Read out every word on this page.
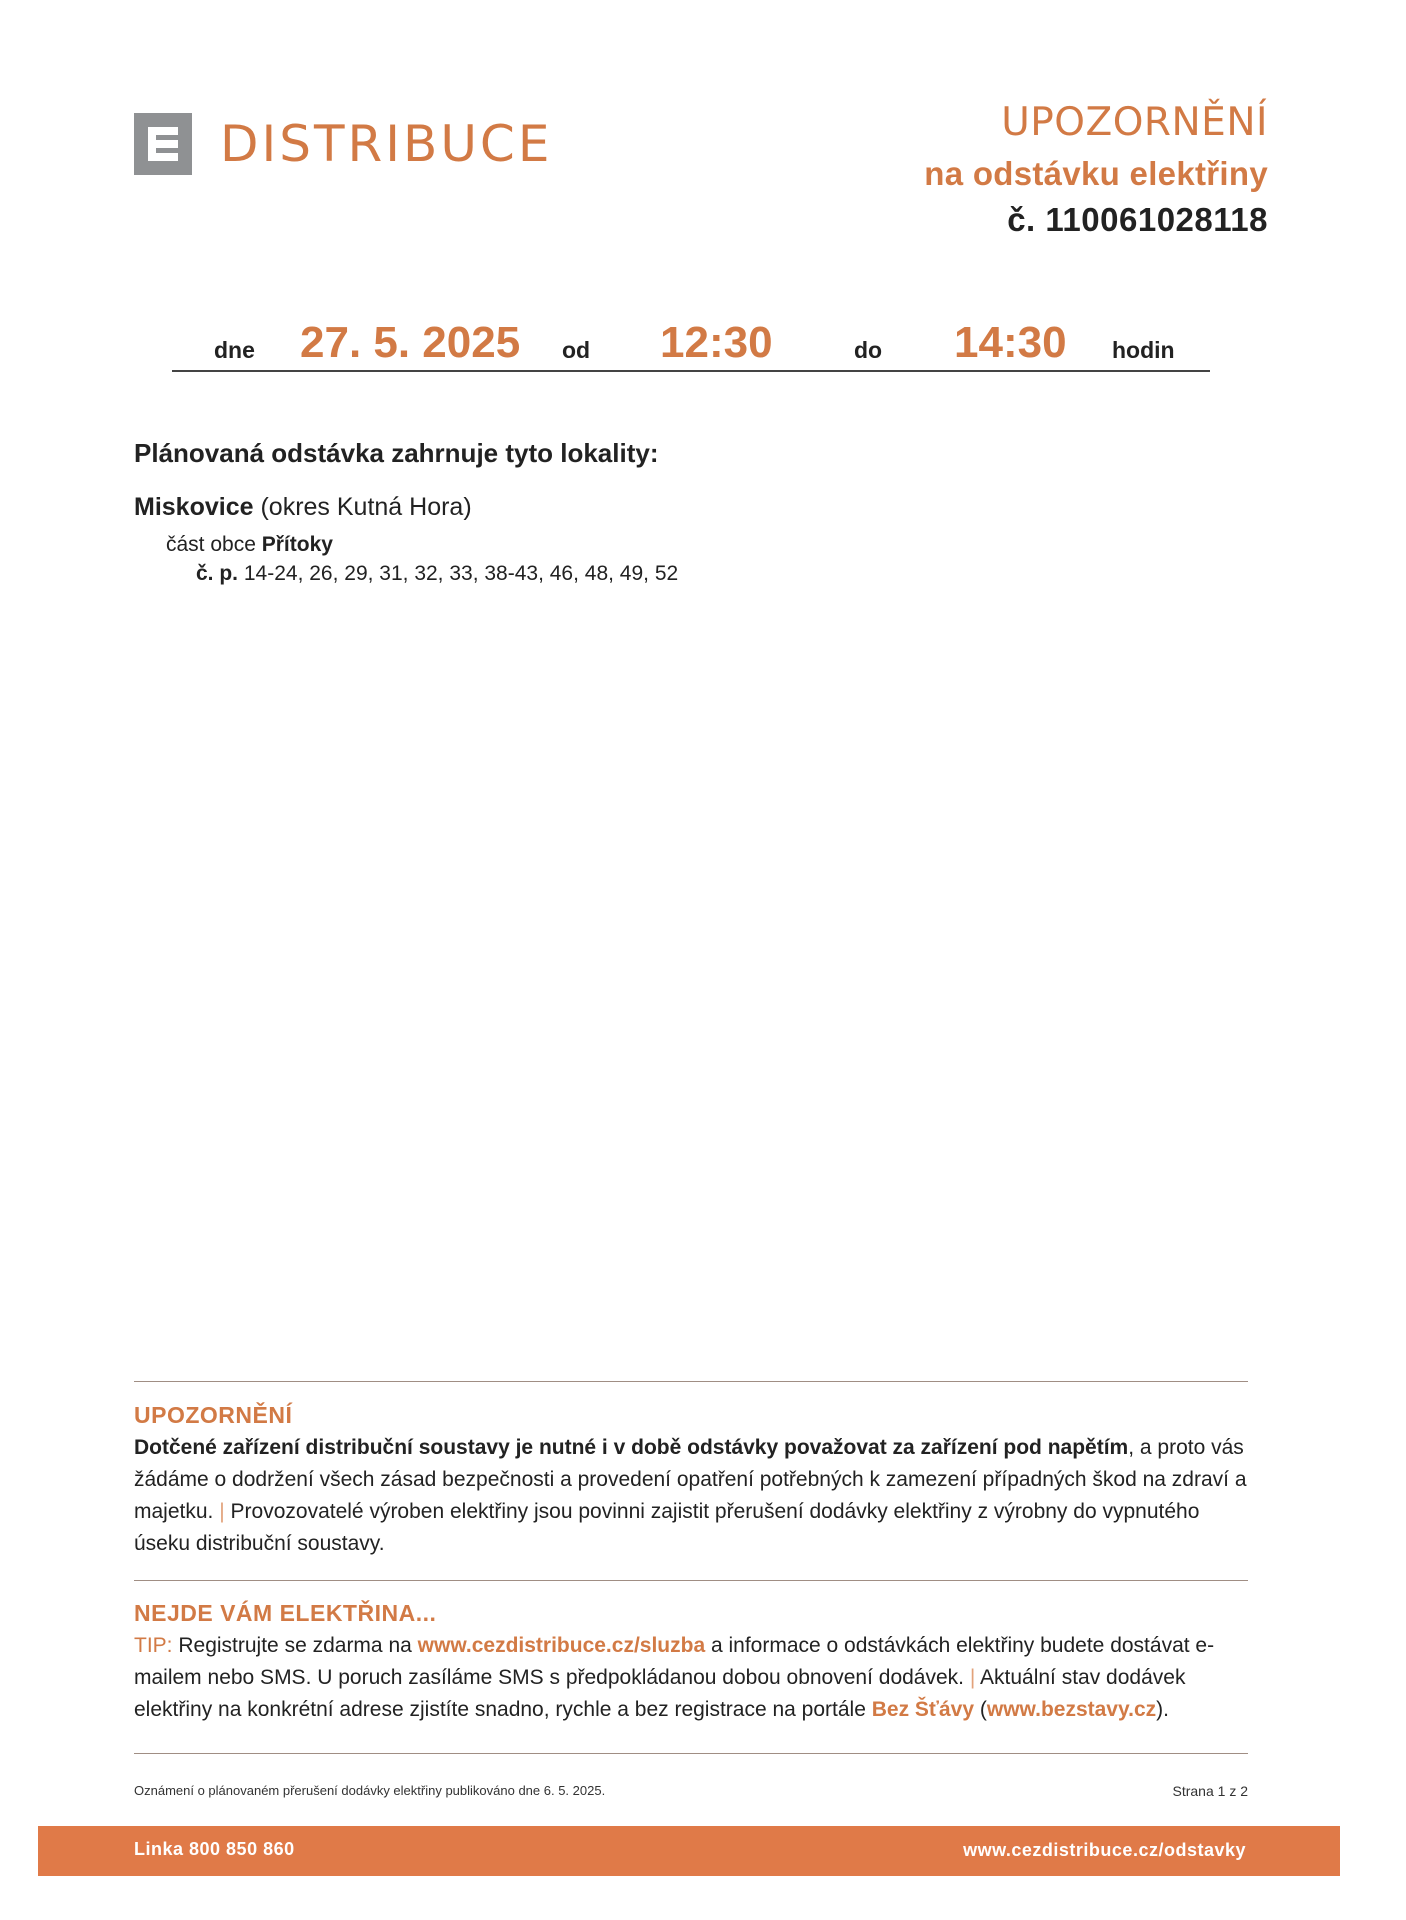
DISTRIBUCE	UPOZORNĚNÍ
na odstávku elektřiny
č. 110061028118
dne 27. 5. 2025 od 12:30	do 14:30 hodin
Plánovaná odstávka zahrnuje tyto lokality:
Miskovice (okres Kutná Hora)
část obce Přítoky
č. p. 14-24, 26, 29, 31, 32, 33, 38-43, 46, 48, 49, 52
UPOZORNĚNÍ
Dotčené zařízení distribuční soustavy je nutné i v době odstávky považovat za zařízení pod napětím, a proto vás žádáme o dodržení všech zásad bezpečnosti a provedení opatření potřebných k zamezení případných škod na zdraví a majetku. | Provozovatelé výroben elektřiny jsou povinni zajistit přerušení dodávky elektřiny z výrobny do vypnutého úseku distribuční soustavy.
NEJDE VÁM ELEKTŘINA...
TIP: Registrujte se zdarma na www.cezdistribuce.cz/sluzba a informace o odstávkách elektřiny budete dostávat e-mailem nebo SMS. U poruch zasíláme SMS s předpokládanou dobou obnovení dodávek. | Aktuální stav dodávek elektřiny na konkrétní adrese zjistíte snadno, rychle a bez registrace na portále Bez Šťávy (www.bezstavy.cz).
Oznámení o plánovaném přerušení dodávky elektřiny publikováno dne 6. 5. 2025.	Strana 1 z 2
Linka 800 850 860	www.cezdistribuce.cz/odstavky
